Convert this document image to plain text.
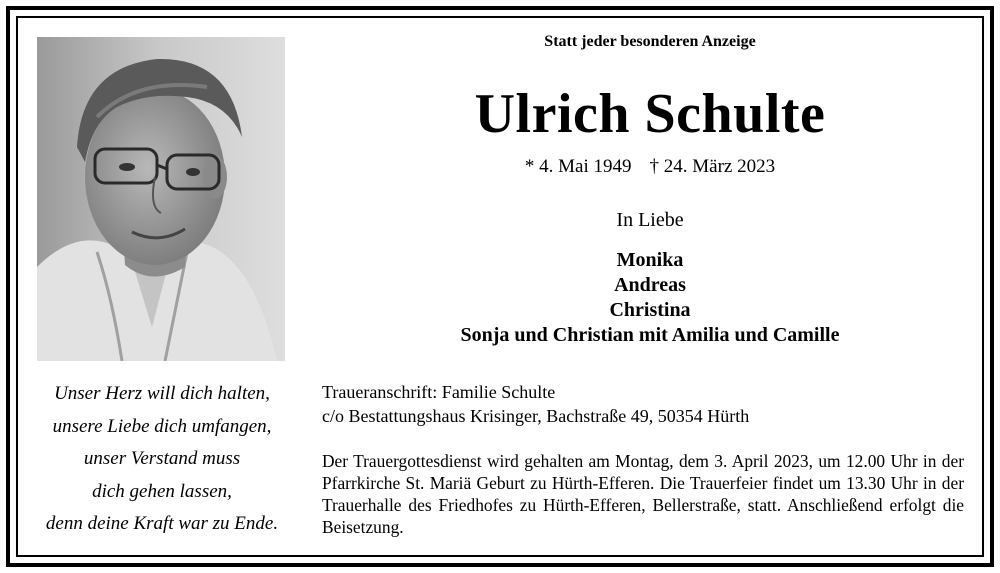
Unser Herz will dich halten,
unsere Liebe dich umfangen,
unser Verstand muss
dich gehen lassen,
denn deine Kraft war zu Ende.
Statt jeder besonderen Anzeige
Ulrich Schulte
* 4. Mai 1949 † 24. März 2023
In Liebe
Monika
Andreas
Christina
Sonja und Christian mit Amilia und Camille
Traueranschrift: Familie Schulte
c/o Bestattungshaus Krisinger, Bachstraße 49, 50354 Hürth
Der Trauergottesdienst wird gehalten am Montag, dem 3. April 2023, um 12.00 Uhr in der Pfarrkirche St. Mariä Geburt zu Hürth-Efferen. Die Trauerfeier findet um 13.30 Uhr in der Trauerhalle des Friedhofes zu Hürth-Efferen, Bellerstraße, statt. Anschließend erfolgt die Beisetzung.
